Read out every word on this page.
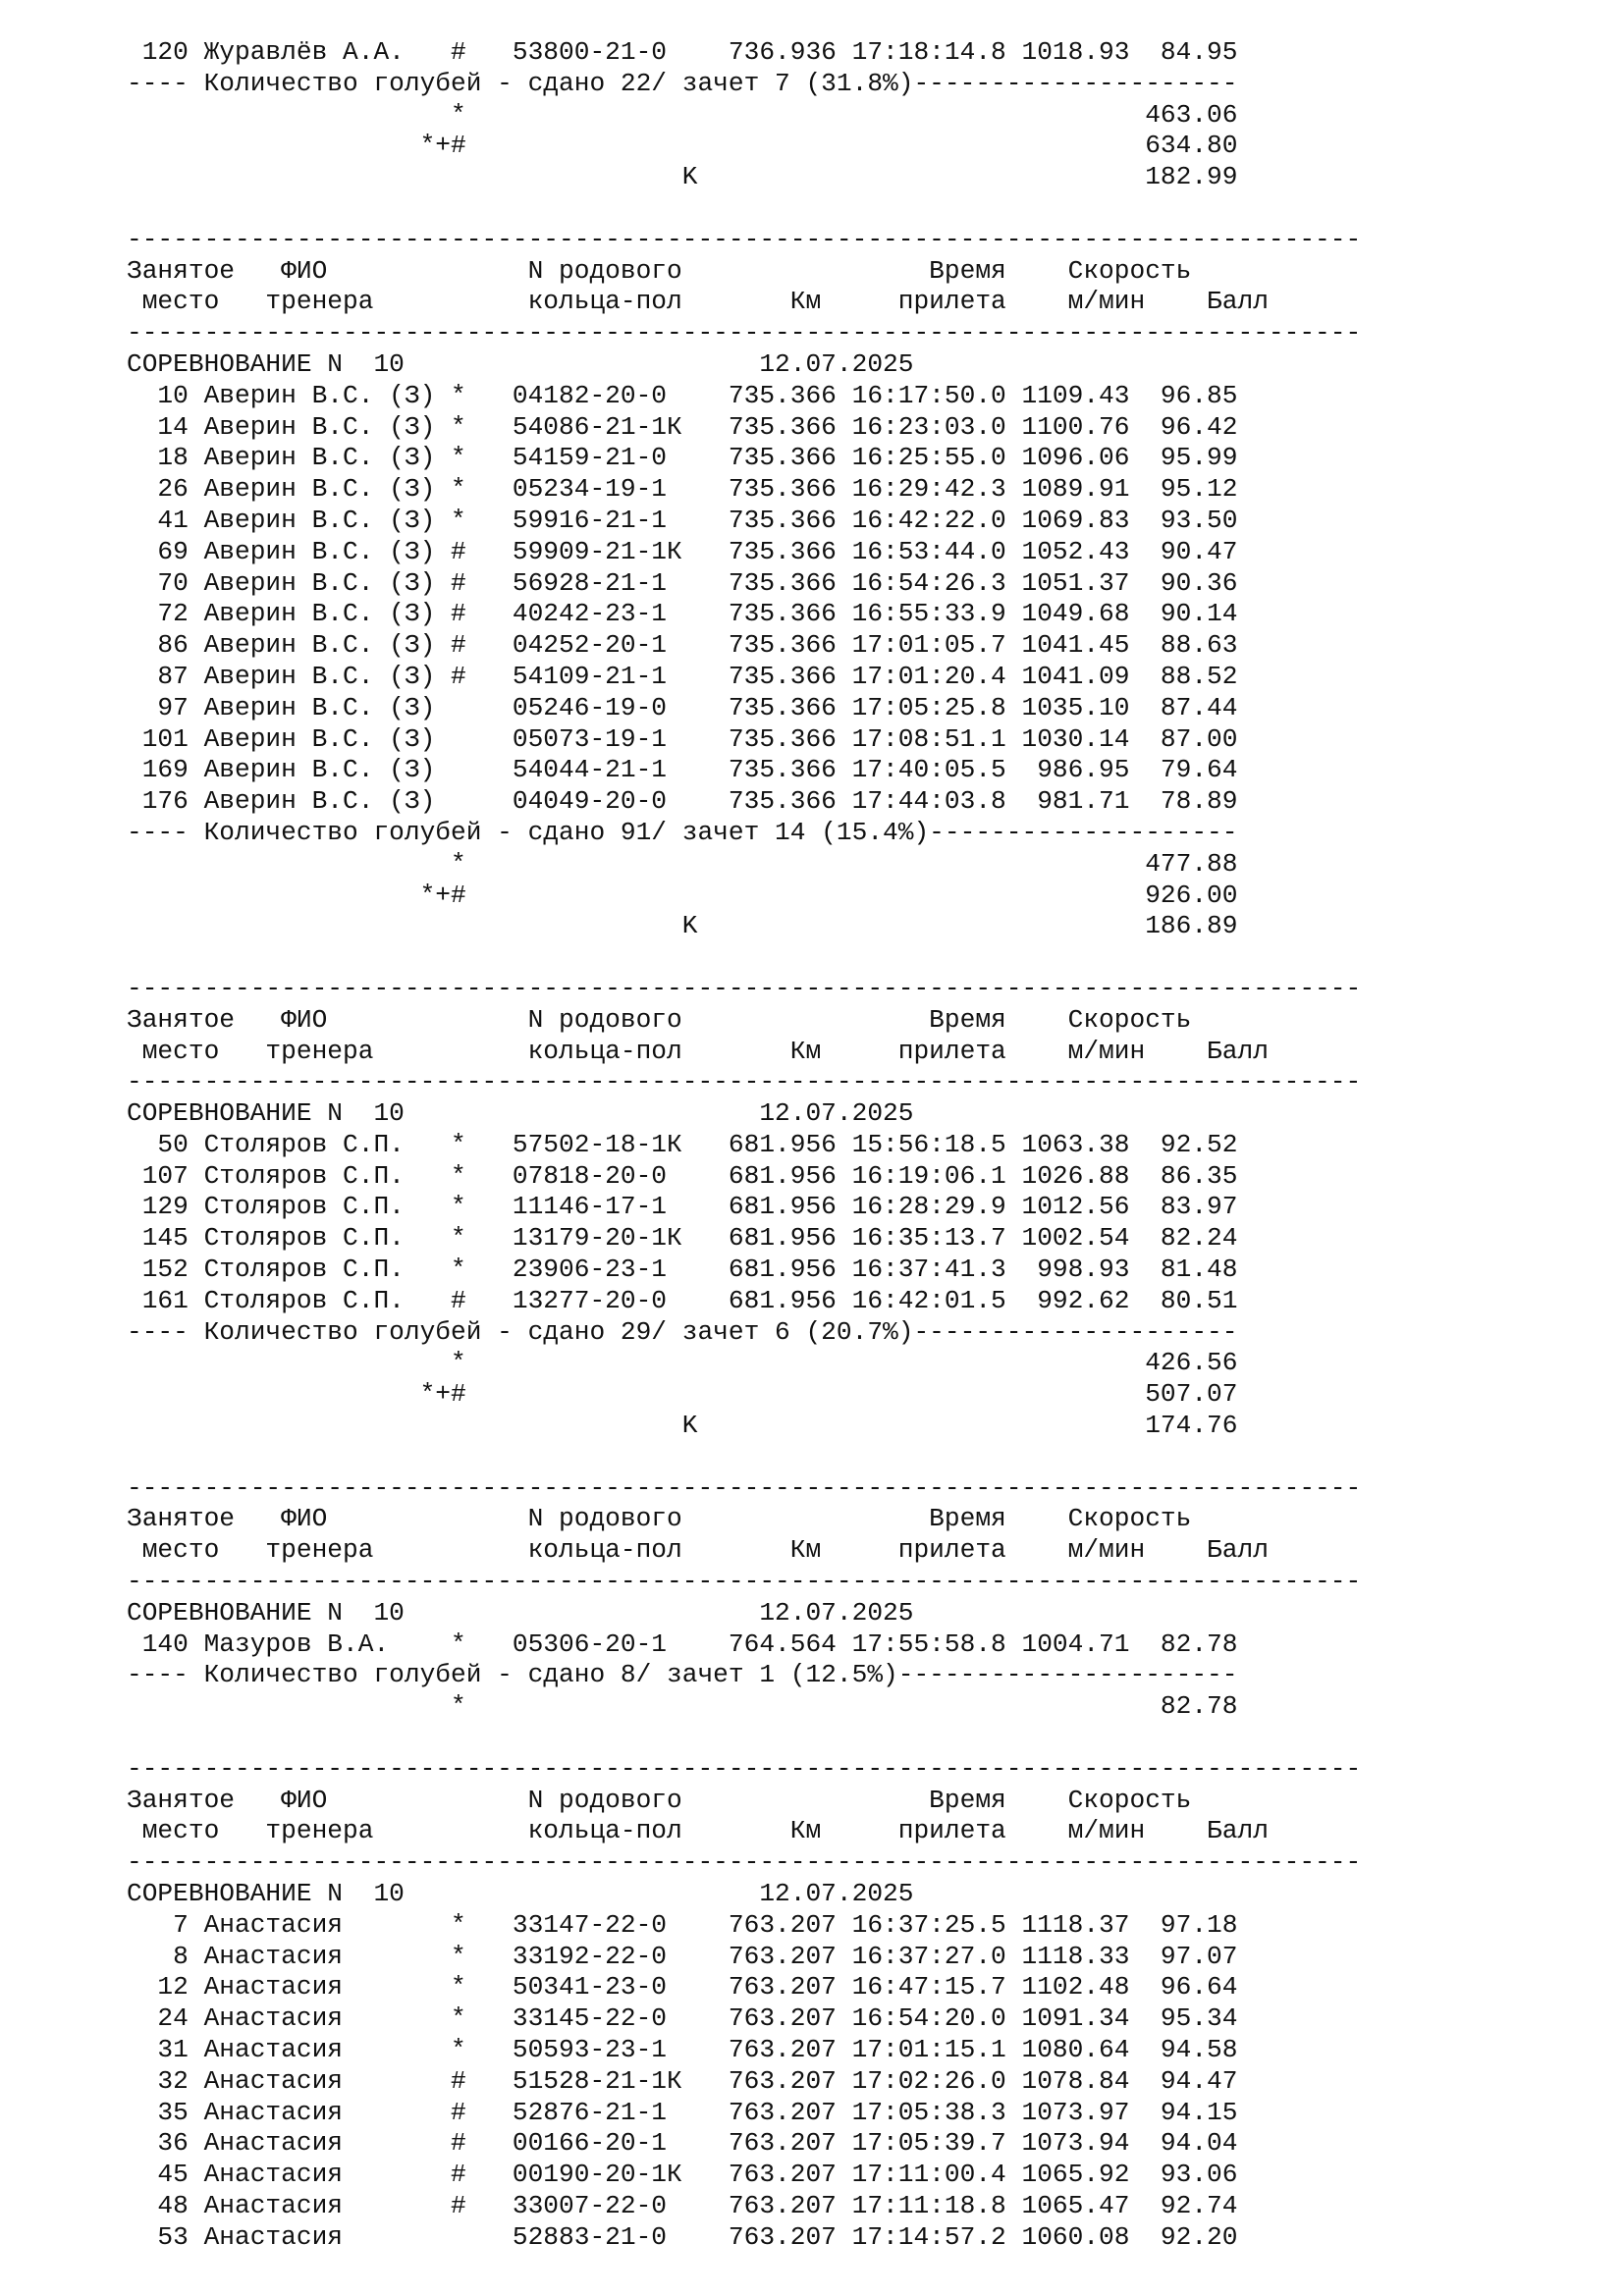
120 Журавлёв А.А.   #   53800-21-0    736.936 17:18:14.8 1018.93  84.95
---- Количество голубей - сдано 22/ зачет 7 (31.8%)---------------------
*                                            463.06
*+#                                            634.80
K                             182.99
--------------------------------------------------------------------------------
Занятое   ФИО             N родового                Время    Скорость
место   тренера          кольца-пол       Км     прилета    м/мин    Балл
--------------------------------------------------------------------------------
СОРЕВНОВАНИЕ N  10                       12.07.2025
10 Аверин В.С. (З) *   04182-20-0    735.366 16:17:50.0 1109.43  96.85
14 Аверин В.С. (З) *   54086-21-1К   735.366 16:23:03.0 1100.76  96.42
18 Аверин В.С. (З) *   54159-21-0    735.366 16:25:55.0 1096.06  95.99
26 Аверин В.С. (З) *   05234-19-1    735.366 16:29:42.3 1089.91  95.12
41 Аверин В.С. (З) *   59916-21-1    735.366 16:42:22.0 1069.83  93.50
69 Аверин В.С. (З) #   59909-21-1К   735.366 16:53:44.0 1052.43  90.47
70 Аверин В.С. (З) #   56928-21-1    735.366 16:54:26.3 1051.37  90.36
72 Аверин В.С. (З) #   40242-23-1    735.366 16:55:33.9 1049.68  90.14
86 Аверин В.С. (З) #   04252-20-1    735.366 17:01:05.7 1041.45  88.63
87 Аверин В.С. (З) #   54109-21-1    735.366 17:01:20.4 1041.09  88.52
97 Аверин В.С. (З)     05246-19-0    735.366 17:05:25.8 1035.10  87.44
101 Аверин В.С. (З)     05073-19-1    735.366 17:08:51.1 1030.14  87.00
169 Аверин В.С. (З)     54044-21-1    735.366 17:40:05.5  986.95  79.64
176 Аверин В.С. (З)     04049-20-0    735.366 17:44:03.8  981.71  78.89
---- Количество голубей - сдано 91/ зачет 14 (15.4%)--------------------
*                                            477.88
*+#                                            926.00
K                             186.89
--------------------------------------------------------------------------------
Занятое   ФИО             N родового                Время    Скорость
место   тренера          кольца-пол       Км     прилета    м/мин    Балл
--------------------------------------------------------------------------------
СОРЕВНОВАНИЕ N  10                       12.07.2025
50 Столяров С.П.   *   57502-18-1К   681.956 15:56:18.5 1063.38  92.52
107 Столяров С.П.   *   07818-20-0    681.956 16:19:06.1 1026.88  86.35
129 Столяров С.П.   *   11146-17-1    681.956 16:28:29.9 1012.56  83.97
145 Столяров С.П.   *   13179-20-1К   681.956 16:35:13.7 1002.54  82.24
152 Столяров С.П.   *   23906-23-1    681.956 16:37:41.3  998.93  81.48
161 Столяров С.П.   #   13277-20-0    681.956 16:42:01.5  992.62  80.51
---- Количество голубей - сдано 29/ зачет 6 (20.7%)---------------------
*                                            426.56
*+#                                            507.07
K                             174.76
--------------------------------------------------------------------------------
Занятое   ФИО             N родового                Время    Скорость
место   тренера          кольца-пол       Км     прилета    м/мин    Балл
--------------------------------------------------------------------------------
СОРЕВНОВАНИЕ N  10                       12.07.2025
140 Мазуров В.А.    *   05306-20-1    764.564 17:55:58.8 1004.71  82.78
---- Количество голубей - сдано 8/ зачет 1 (12.5%)----------------------
*                                             82.78
--------------------------------------------------------------------------------
Занятое   ФИО             N родового                Время    Скорость
место   тренера          кольца-пол       Км     прилета    м/мин    Балл
--------------------------------------------------------------------------------
СОРЕВНОВАНИЕ N  10                       12.07.2025
7 Анастасия       *   33147-22-0    763.207 16:37:25.5 1118.37  97.18
8 Анастасия       *   33192-22-0    763.207 16:37:27.0 1118.33  97.07
12 Анастасия       *   50341-23-0    763.207 16:47:15.7 1102.48  96.64
24 Анастасия       *   33145-22-0    763.207 16:54:20.0 1091.34  95.34
31 Анастасия       *   50593-23-1    763.207 17:01:15.1 1080.64  94.58
32 Анастасия       #   51528-21-1К   763.207 17:02:26.0 1078.84  94.47
35 Анастасия       #   52876-21-1    763.207 17:05:38.3 1073.97  94.15
36 Анастасия       #   00166-20-1    763.207 17:05:39.7 1073.94  94.04
45 Анастасия       #   00190-20-1К   763.207 17:11:00.4 1065.92  93.06
48 Анастасия       #   33007-22-0    763.207 17:11:18.8 1065.47  92.74
53 Анастасия           52883-21-0    763.207 17:14:57.2 1060.08  92.20
